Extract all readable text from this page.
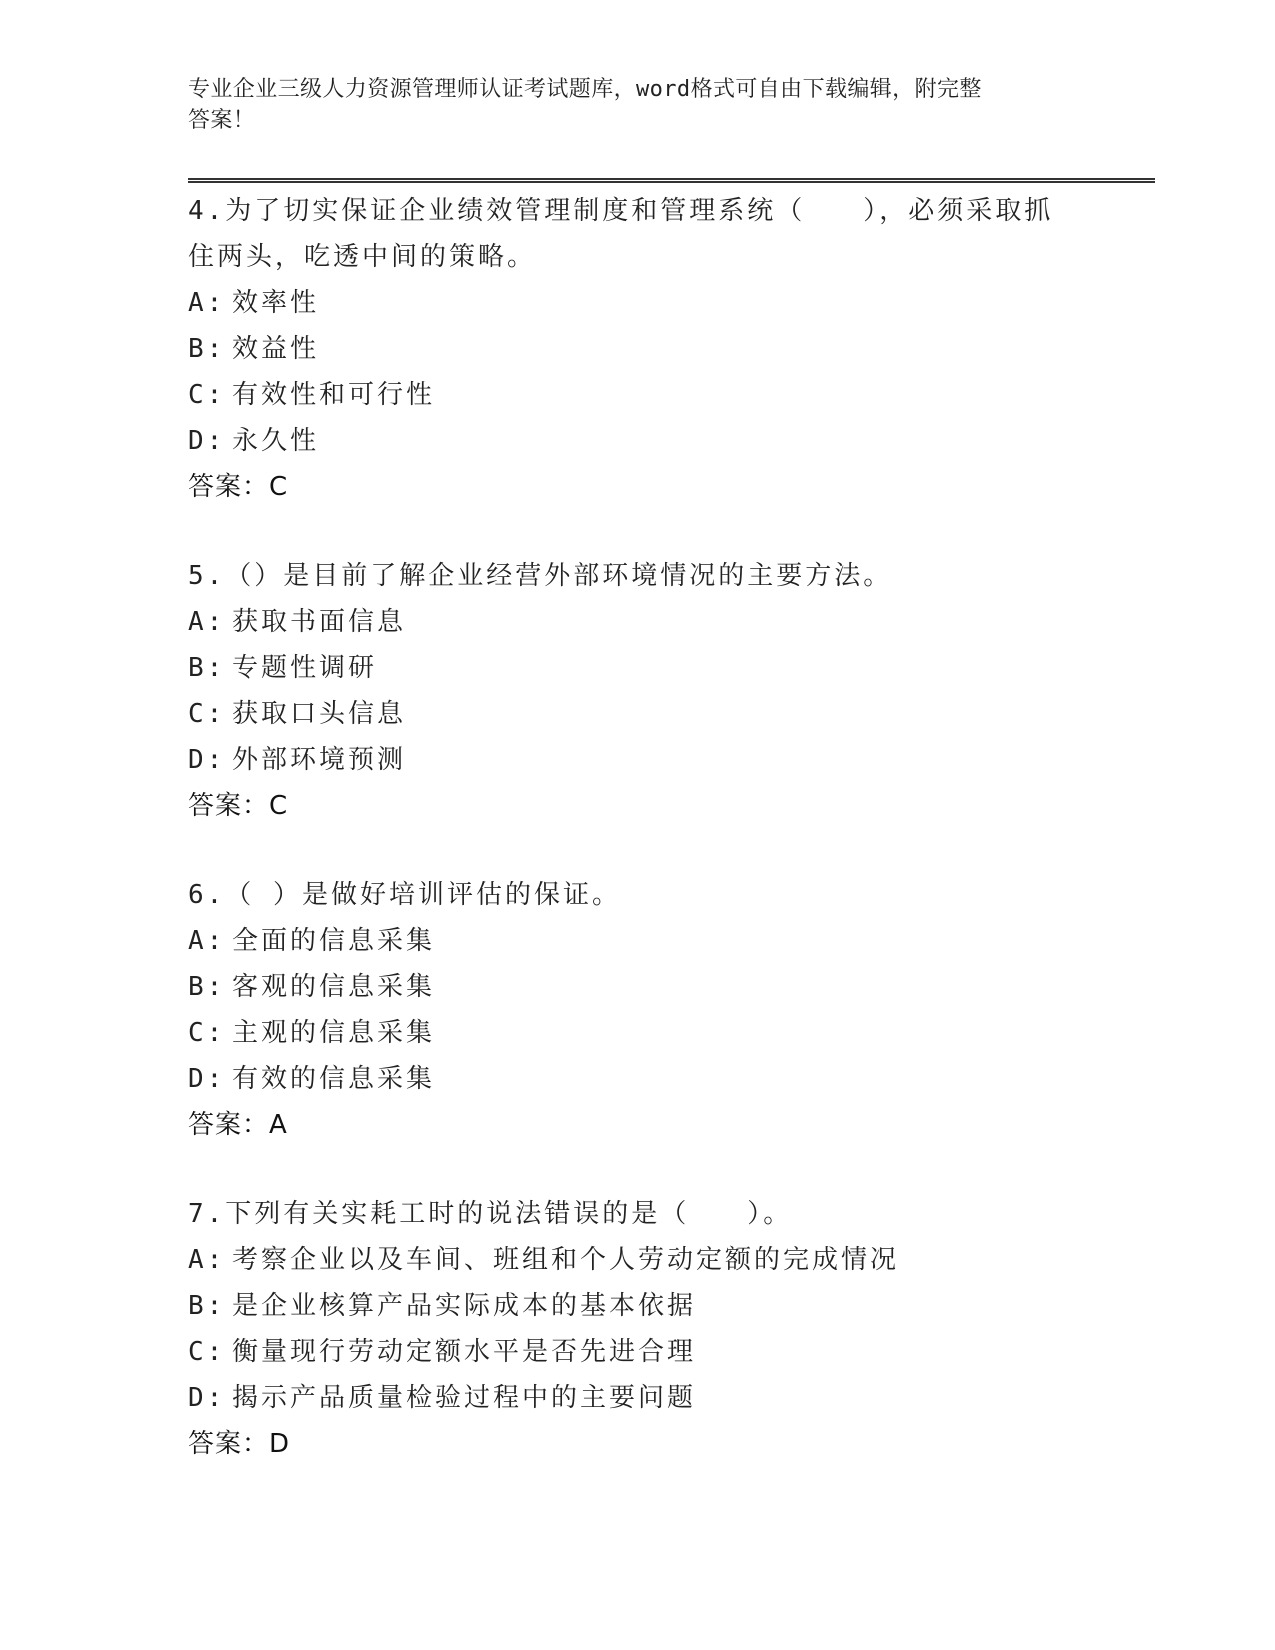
专业企业三级人力资源管理师认证考试题库，word格式可自由下载编辑，附完整
答案！

4.为了切实保证企业绩效管理制度和管理系统（　　），必须采取抓

住两头，吃透中间的策略。

A: 效率性

B: 效益性

C: 有效性和可行性

D: 永久性

答案：C

5.（）是目前了解企业经营外部环境情况的主要方法。

A: 获取书面信息

B: 专题性调研

C: 获取口头信息

D: 外部环境预测

答案：C

6.（ ）是做好培训评估的保证。

A: 全面的信息采集

B: 客观的信息采集

C: 主观的信息采集

D: 有效的信息采集

答案：A

7.下列有关实耗工时的说法错误的是（　　）。

A: 考察企业以及车间、班组和个人劳动定额的完成情况

B: 是企业核算产品实际成本的基本依据

C: 衡量现行劳动定额水平是否先进合理

D: 揭示产品质量检验过程中的主要问题

答案：D
